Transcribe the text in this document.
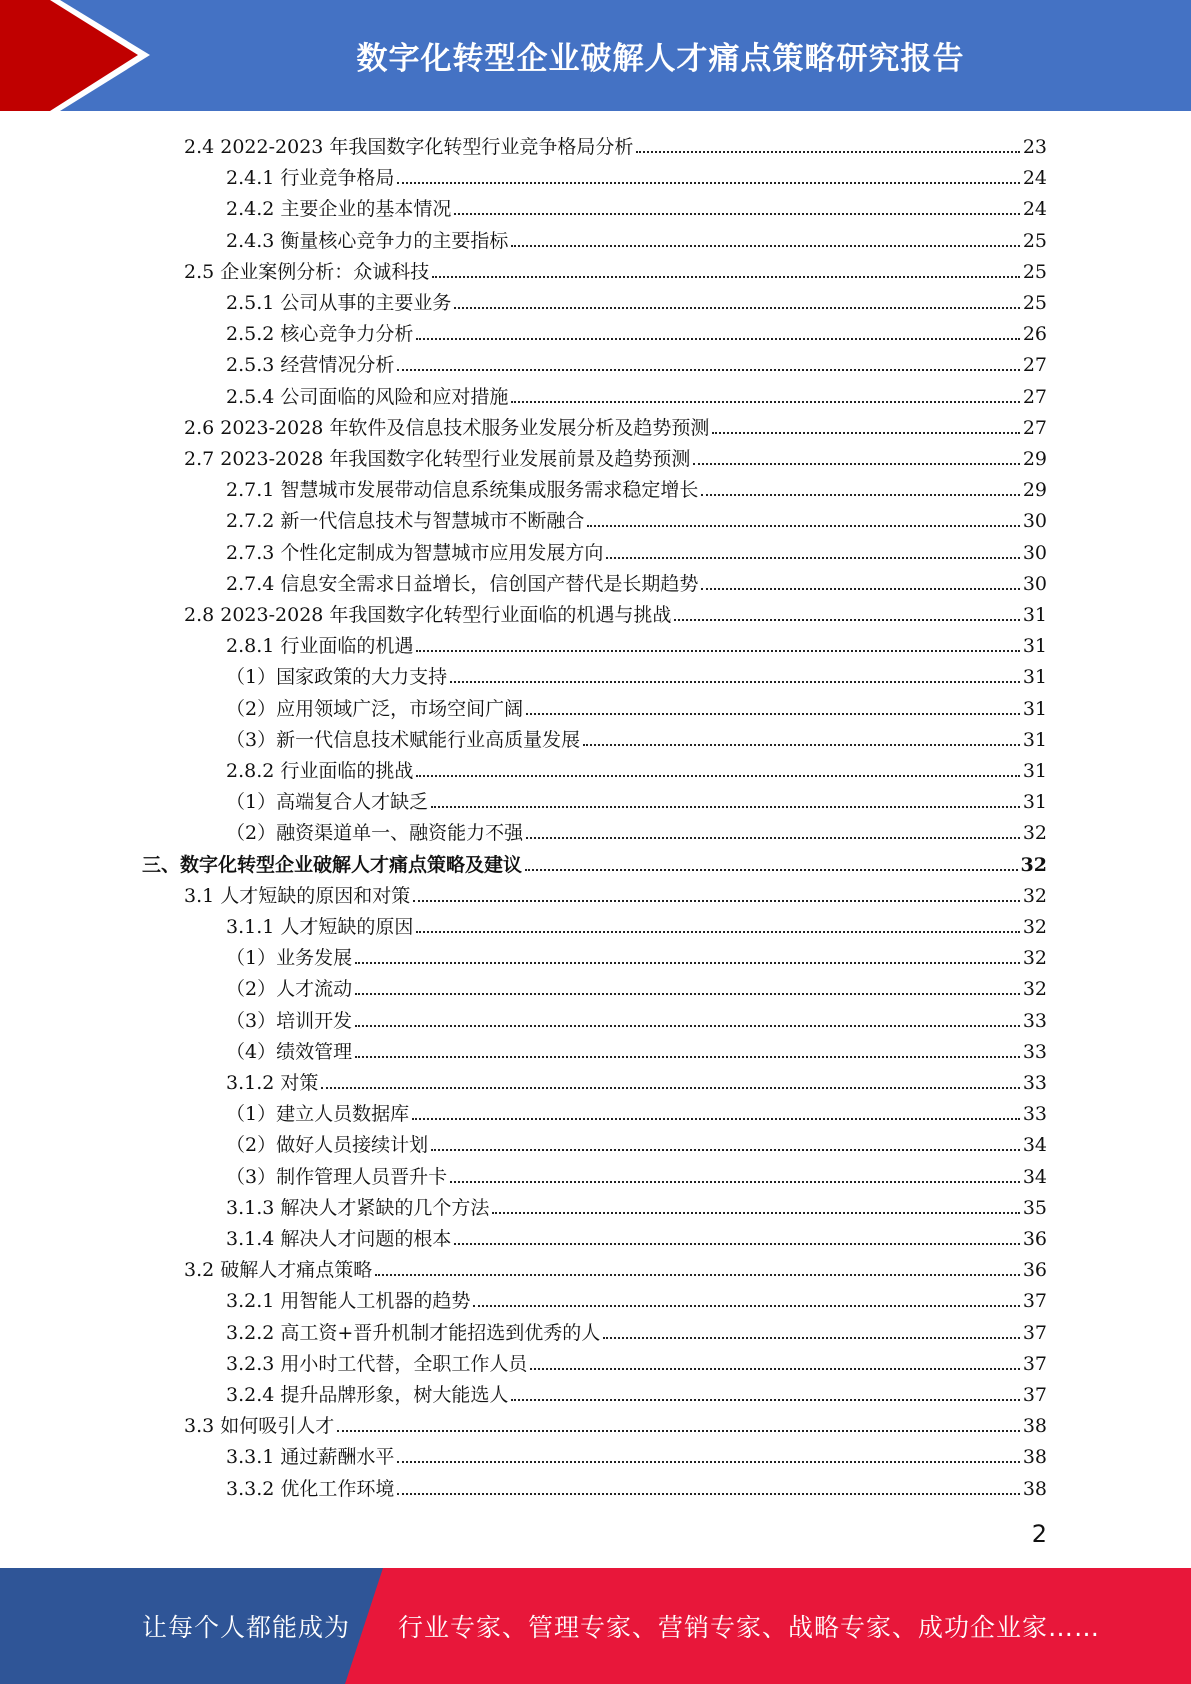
数字化转型企业破解人才痛点策略研究报告
2.4 2022-2023 年我国数字化转型行业竞争格局分析	23
2.4.1 行业竞争格局	24
2.4.2 主要企业的基本情况	24
2.4.3 衡量核心竞争力的主要指标	25
2.5 企业案例分析：众诚科技	25
2.5.1 公司从事的主要业务	25
2.5.2 核心竞争力分析	26
2.5.3 经营情况分析	27
2.5.4 公司面临的风险和应对措施	27
2.6 2023-2028 年软件及信息技术服务业发展分析及趋势预测	27
2.7 2023-2028 年我国数字化转型行业发展前景及趋势预测	29
2.7.1 智慧城市发展带动信息系统集成服务需求稳定增长	29
2.7.2 新一代信息技术与智慧城市不断融合	30
2.7.3 个性化定制成为智慧城市应用发展方向	30
2.7.4 信息安全需求日益增长，信创国产替代是长期趋势	30
2.8 2023-2028 年我国数字化转型行业面临的机遇与挑战	31
2.8.1 行业面临的机遇	31
（1）国家政策的大力支持	31
（2）应用领域广泛，市场空间广阔	31
（3）新一代信息技术赋能行业高质量发展	31
2.8.2 行业面临的挑战	31
（1）高端复合人才缺乏	31
（2）融资渠道单一、融资能力不强	32
三、数字化转型企业破解人才痛点策略及建议	32
3.1 人才短缺的原因和对策	32
3.1.1 人才短缺的原因	32
（1）业务发展	32
（2）人才流动	32
（3）培训开发	33
（4）绩效管理	33
3.1.2 对策	33
（1）建立人员数据库	33
（2）做好人员接续计划	34
（3）制作管理人员晋升卡	34
3.1.3 解决人才紧缺的几个方法	35
3.1.4 解决人才问题的根本	36
3.2 破解人才痛点策略	36
3.2.1 用智能人工机器的趋势	37
3.2.2 高工资+晋升机制才能招选到优秀的人	37
3.2.3 用小时工代替，全职工作人员	37
3.2.4 提升品牌形象，树大能选人	37
3.3 如何吸引人才	38
3.3.1 通过薪酬水平	38
3.3.2 优化工作环境	38
2
让每个人都能成为 行业专家、管理专家、营销专家、战略专家、成功企业家……
